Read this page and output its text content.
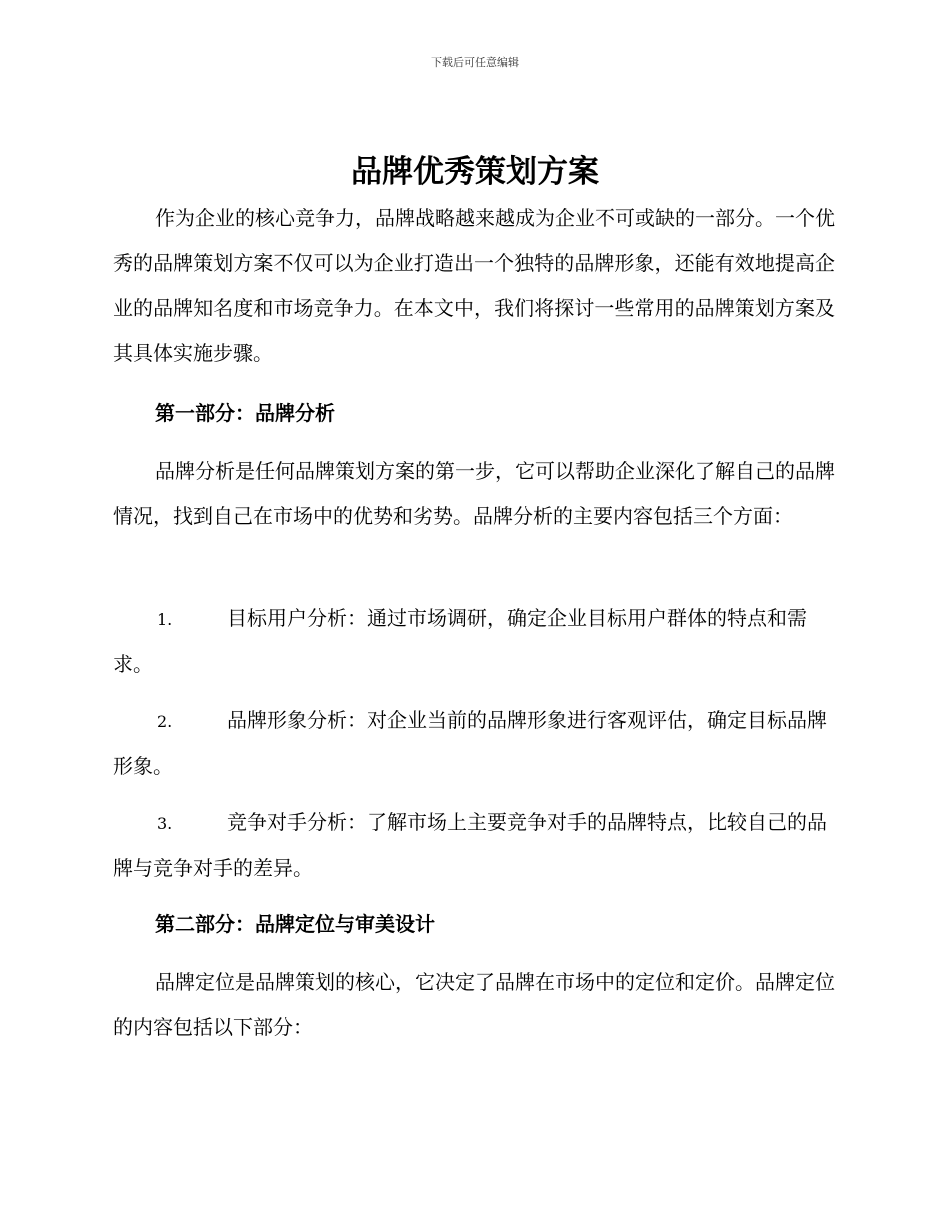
下载后可任意编辑
品牌优秀策划方案

作为企业的核心竞争力，品牌战略越来越成为企业不可或缺的一部分。一个优秀的品牌策划方案不仅可以为企业打造出一个独特的品牌形象，还能有效地提高企业的品牌知名度和市场竞争力。在本文中，我们将探讨一些常用的品牌策划方案及其具体实施步骤。

第一部分：品牌分析

品牌分析是任何品牌策划方案的第一步，它可以帮助企业深化了解自己的品牌情况，找到自己在市场中的优势和劣势。品牌分析的主要内容包括三个方面：

1.	目标用户分析：通过市场调研，确定企业目标用户群体的特点和需求。

2.	品牌形象分析：对企业当前的品牌形象进行客观评估，确定目标品牌形象。

3.	竞争对手分析：了解市场上主要竞争对手的品牌特点，比较自己的品牌与竞争对手的差异。

第二部分：品牌定位与审美设计

品牌定位是品牌策划的核心，它决定了品牌在市场中的定位和定价。品牌定位的内容包括以下部分：
